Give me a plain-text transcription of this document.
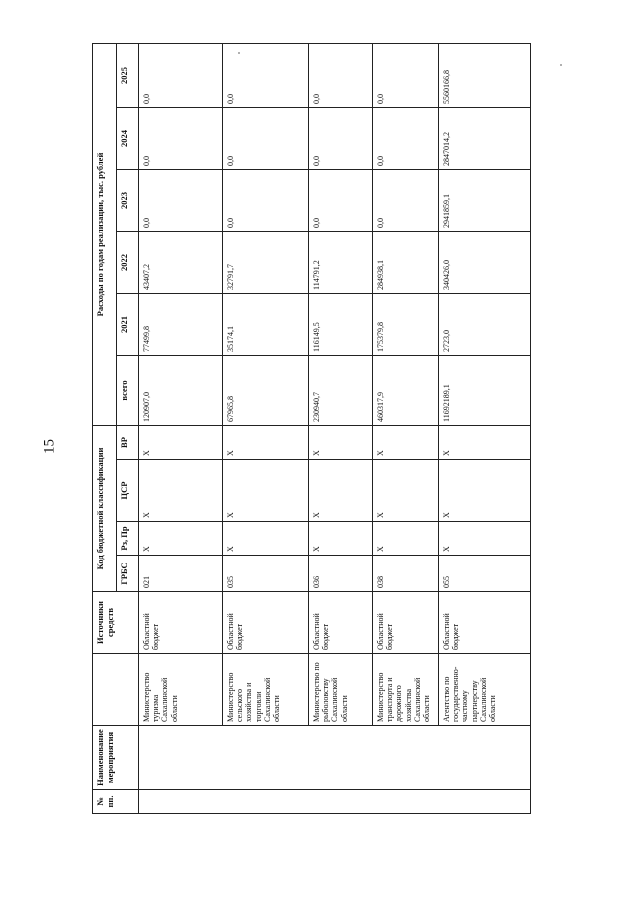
15
№ пп.	Наименование мероприятия		Источники средств	Код бюджетной классификации				Расходы по годам реализации, тыс. рублей					
				ГРБС	Рз, Пр	ЦСР	ВР	всего	2021	2022	2023	2024	2025
		Министерство туризма Сахалинской области	Областной бюджет	021	Х	Х	Х	120907,0	77499,8	43407,2	0,0	0,0	0,0
		Министерство сельского хозяйства и торговли Сахалинской области	Областной бюджет	035	Х	Х	Х	67965,8	35174,1	32791,7	0,0	0,0	0,0
		Министерство по рыболовству Сахалинской области	Областной бюджет	036	Х	Х	Х	230940,7	116149,5	114791,2	0,0	0,0	0,0
		Министерство транспорта и дорожного хозяйства Сахалинской области	Областной бюджет	038	Х	Х	Х	460317,9	175379,8	284938,1	0,0	0,0	0,0
		Агентство по государственно-частному партнерству Сахалинской области	Областной бюджет	055	Х	Х	Х	11692189,1	2723,0	340426,0	2941859,1	2847014,2	5560166,8
